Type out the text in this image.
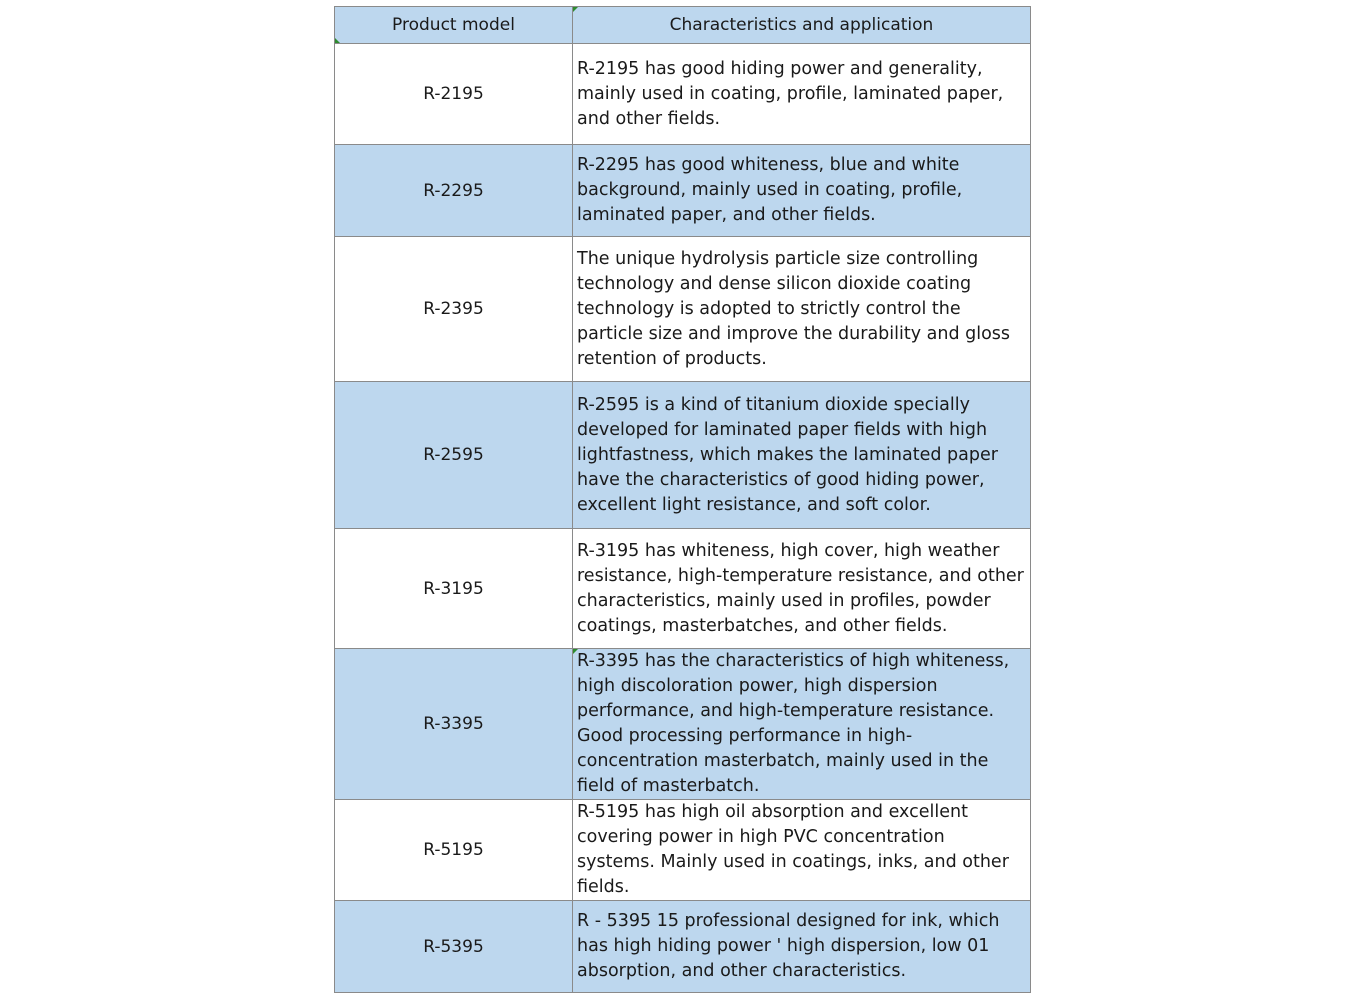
Product model	Characteristics and application
R-2195	R-2195 has good hiding power and generality, mainly used in coating, profile, laminated paper, and other fields.
R-2295	R-2295 has good whiteness, blue and white background, mainly used in coating, profile, laminated paper, and other fields.
R-2395	The unique hydrolysis particle size controlling technology and dense silicon dioxide coating technology is adopted to strictly control the particle size and improve the durability and gloss retention of products.
R-2595	R-2595 is a kind of titanium dioxide specially developed for laminated paper fields with high lightfastness, which makes the laminated paper have the characteristics of good hiding power, excellent light resistance, and soft color.
R-3195	R-3195 has whiteness, high cover, high weather resistance, high-temperature resistance, and other characteristics, mainly used in profiles, powder coatings, masterbatches, and other fields.
R-3395	R-3395 has the characteristics of high whiteness, high discoloration power, high dispersion performance, and high-temperature resistance. Good processing performance in high-concentration masterbatch, mainly used in the field of masterbatch.
R-5195	R-5195 has high oil absorption and excellent covering power in high PVC concentration systems. Mainly used in coatings, inks, and other fields.
R-5395	R - 5395 15 professional designed for ink, which has high hiding power ' high dispersion, low 01 absorption, and other characteristics.
